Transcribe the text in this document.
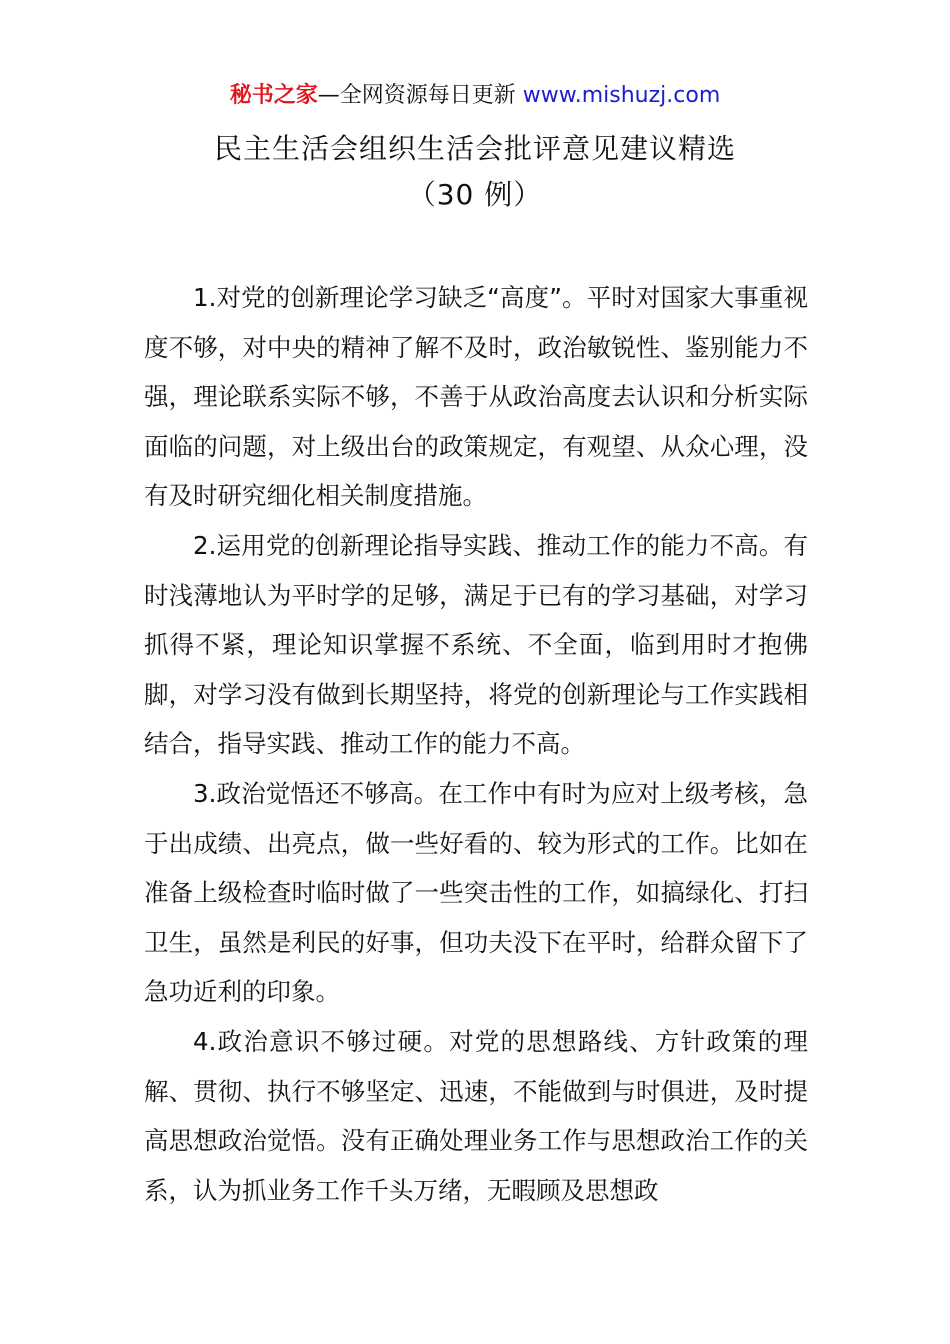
秘书之家—全网资源每日更新 www.mishuzj.com
民主生活会组织生活会批评意见建议精选
（30 例）

1.对党的创新理论学习缺乏“高度”。平时对国家大事重视度不够，对中央的精神了解不及时，政治敏锐性、鉴别能力不强，理论联系实际不够，不善于从政治高度去认识和分析实际面临的问题，对上级出台的政策规定，有观望、从众心理，没有及时研究细化相关制度措施。

2.运用党的创新理论指导实践、推动工作的能力不高。有时浅薄地认为平时学的足够，满足于已有的学习基础，对学习抓得不紧，理论知识掌握不系统、不全面，临到用时才抱佛脚，对学习没有做到长期坚持，将党的创新理论与工作实践相结合，指导实践、推动工作的能力不高。

3.政治觉悟还不够高。在工作中有时为应对上级考核，急于出成绩、出亮点，做一些好看的、较为形式的工作。比如在准备上级检查时临时做了一些突击性的工作，如搞绿化、打扫卫生，虽然是利民的好事，但功夫没下在平时，给群众留下了急功近利的印象。

4.政治意识不够过硬。对党的思想路线、方针政策的理解、贯彻、执行不够坚定、迅速，不能做到与时俱进，及时提高思想政治觉悟。没有正确处理业务工作与思想政治工作的关系，认为抓业务工作千头万绪，无暇顾及思想政
